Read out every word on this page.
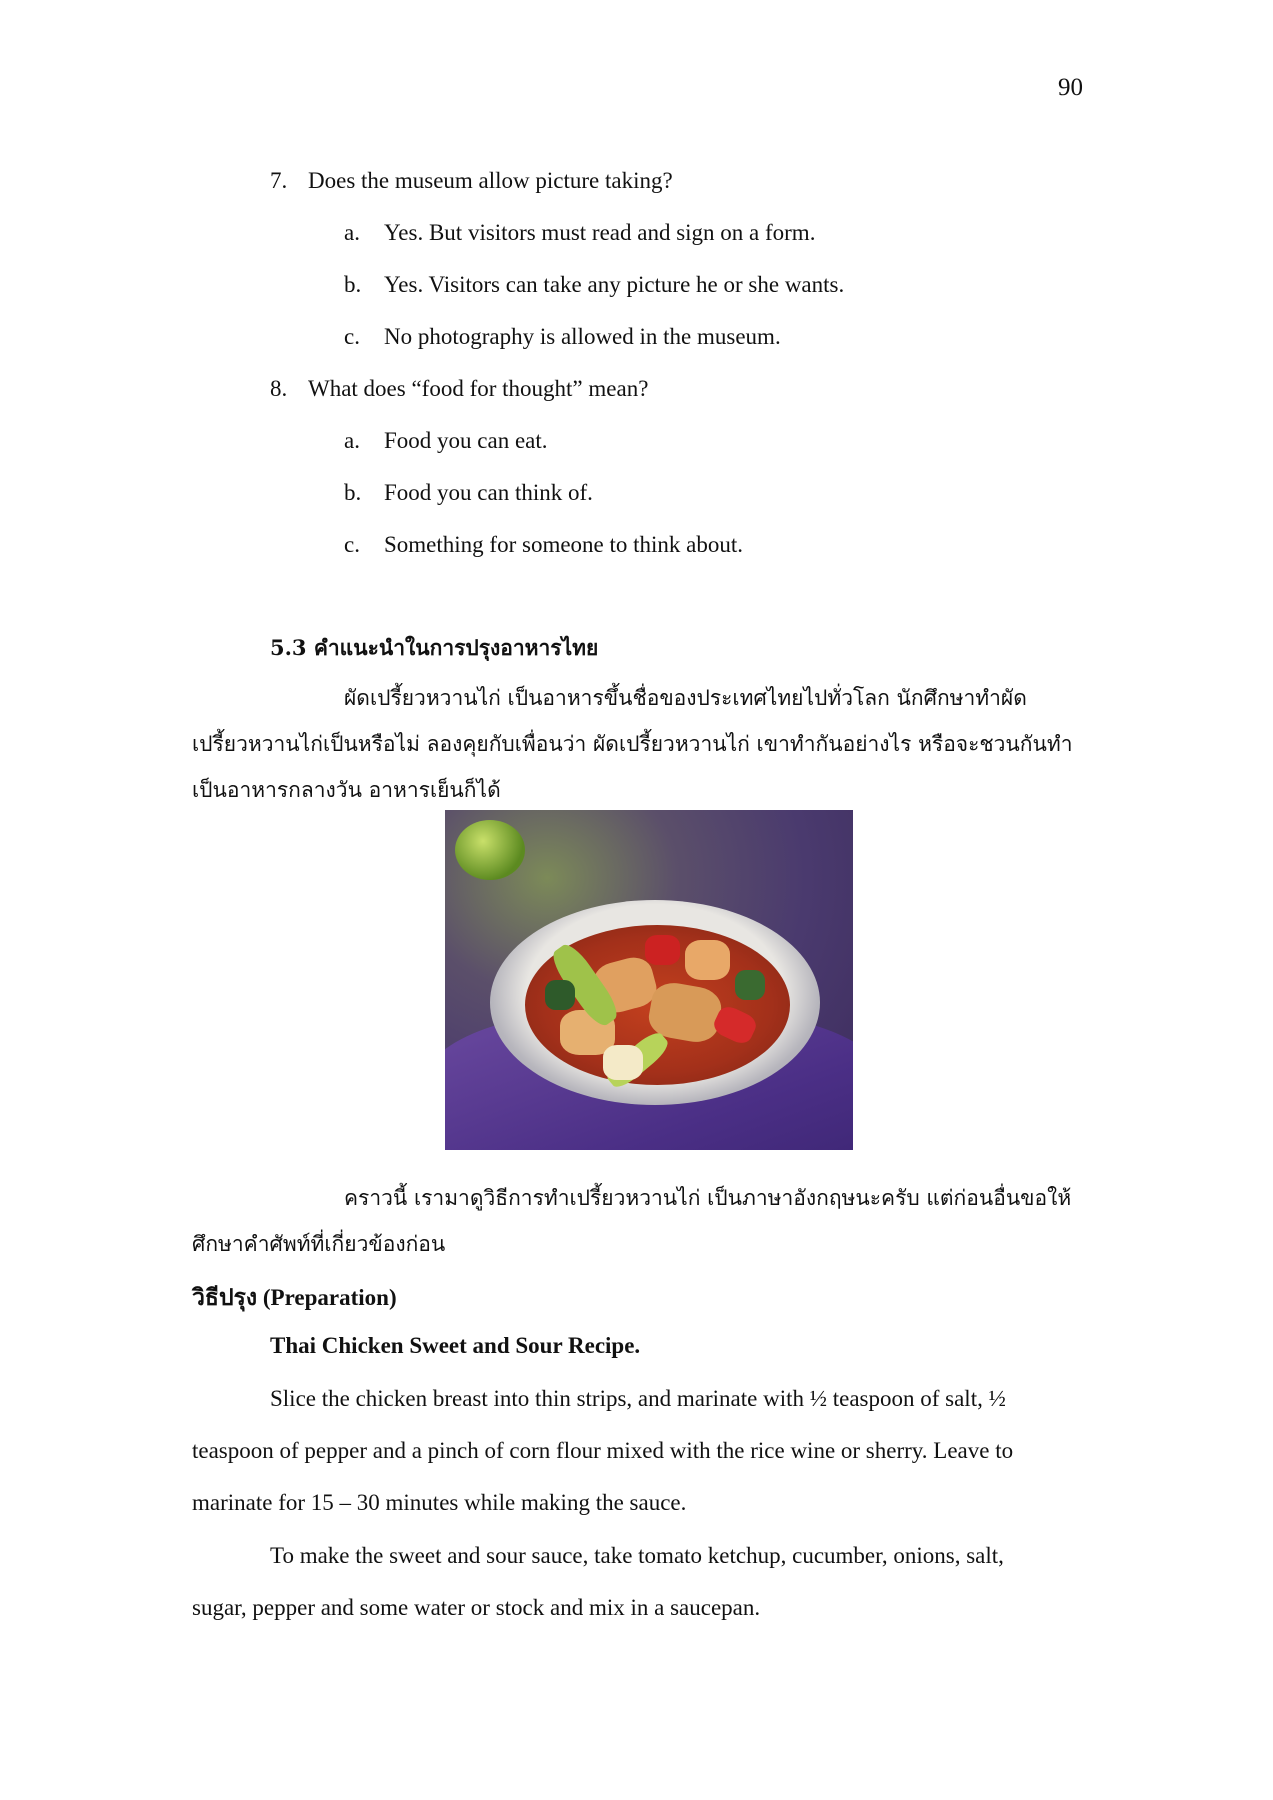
90
7. Does the museum allow picture taking?
a. Yes. But visitors must read and sign on a form.
b. Yes. Visitors can take any picture he or she wants.
c. No photography is allowed in the museum.
8. What does “food for thought” mean?
a. Food you can eat.
b. Food you can think of.
c. Something for someone to think about.
5.3 คำแนะนำในการปรุงอาหารไทย
ผัดเปรี้ยวหวานไก่ เป็นอาหารขึ้นชื่อของประเทศไทยไปทั่วโลก นักศึกษาทำผัด
เปรี้ยวหวานไก่เป็นหรือไม่ ลองคุยกับเพื่อนว่า ผัดเปรี้ยวหวานไก่ เขาทำกันอย่างไร หรือจะชวนกันทำ
เป็นอาหารกลางวัน อาหารเย็นก็ได้
คราวนี้ เรามาดูวิธีการทำเปรี้ยวหวานไก่ เป็นภาษาอังกฤษนะครับ แต่ก่อนอื่นขอให้
ศึกษาคำศัพท์ที่เกี่ยวข้องก่อน
วิธีปรุง (Preparation)
Thai Chicken Sweet and Sour Recipe.
Slice the chicken breast into thin strips, and marinate with ½ teaspoon of salt, ½
teaspoon of pepper and a pinch of corn flour mixed with the rice wine or sherry. Leave to
marinate for 15 – 30 minutes while making the sauce.
To make the sweet and sour sauce, take tomato ketchup, cucumber, onions, salt,
sugar, pepper and some water or stock and mix in a saucepan.
